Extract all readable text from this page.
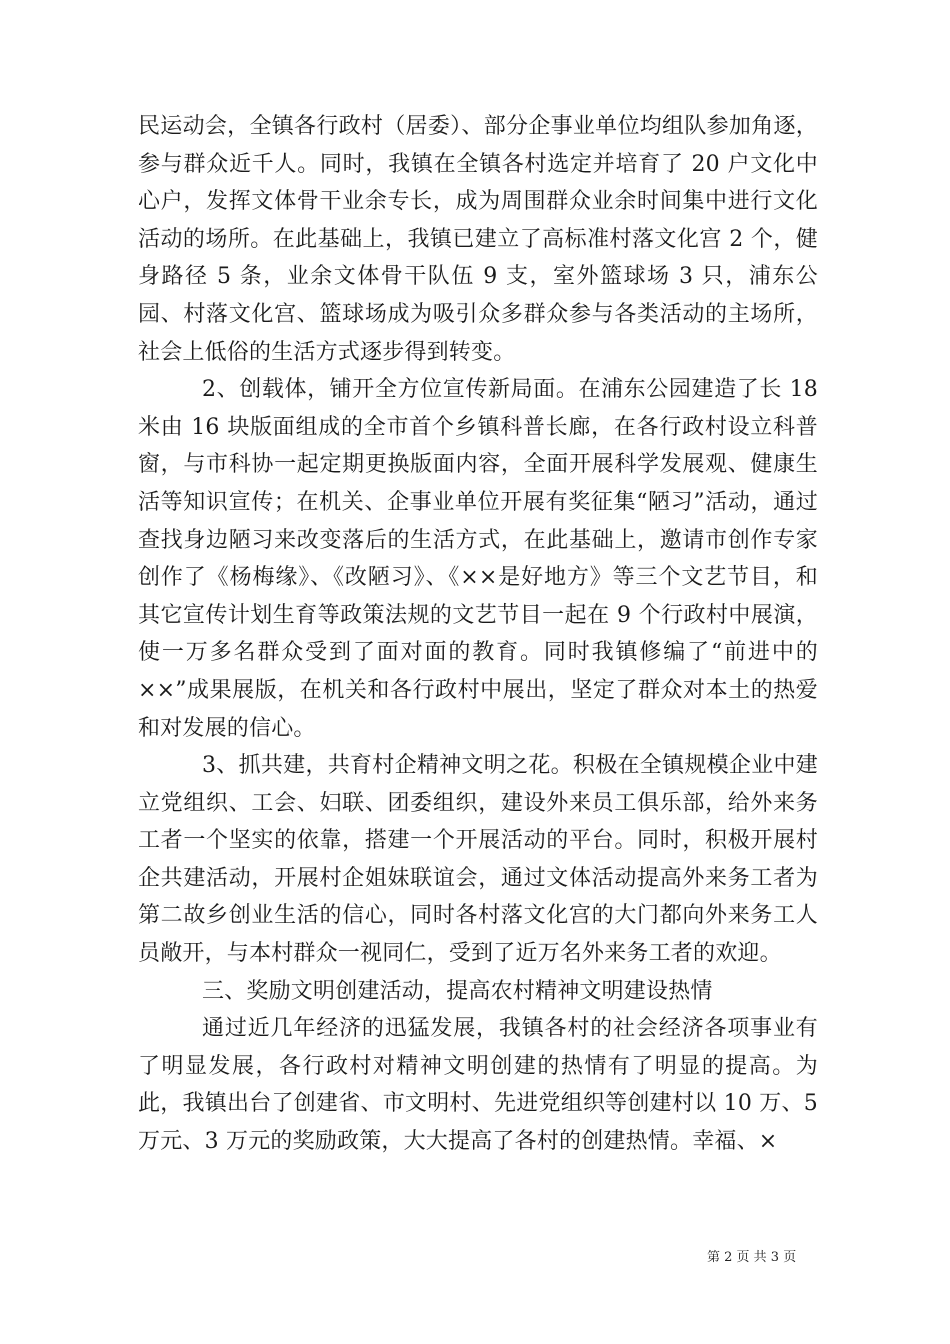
民运动会，全镇各行政村（居委）、部分企事业单位均组队参加角逐，参与群众近千人。同时，我镇在全镇各村选定并培育了 20 户文化中心户，发挥文体骨干业余专长，成为周围群众业余时间集中进行文化活动的场所。在此基础上，我镇已建立了高标准村落文化宫 2 个，健身路径 5 条，业余文体骨干队伍 9 支，室外篮球场 3 只，浦东公园、村落文化宫、篮球场成为吸引众多群众参与各类活动的主场所，社会上低俗的生活方式逐步得到转变。

2、创载体，铺开全方位宣传新局面。在浦东公园建造了长 18 米由 16 块版面组成的全市首个乡镇科普长廊，在各行政村设立科普窗，与市科协一起定期更换版面内容，全面开展科学发展观、健康生活等知识宣传；在机关、企事业单位开展有奖征集“陋习”活动，通过查找身边陋习来改变落后的生活方式，在此基础上，邀请市创作专家创作了《杨梅缘》、《改陋习》、《××是好地方》等三个文艺节目，和其它宣传计划生育等政策法规的文艺节目一起在 9 个行政村中展演，使一万多名群众受到了面对面的教育。同时我镇修编了“前进中的××”成果展版，在机关和各行政村中展出，坚定了群众对本土的热爱和对发展的信心。

3、抓共建，共育村企精神文明之花。积极在全镇规模企业中建立党组织、工会、妇联、团委组织，建设外来员工俱乐部，给外来务工者一个坚实的依靠，搭建一个开展活动的平台。同时，积极开展村企共建活动，开展村企姐妹联谊会，通过文体活动提高外来务工者为第二故乡创业生活的信心，同时各村落文化宫的大门都向外来务工人员敞开，与本村群众一视同仁，受到了近万名外来务工者的欢迎。

三、奖励文明创建活动，提高农村精神文明建设热情

通过近几年经济的迅猛发展，我镇各村的社会经济各项事业有了明显发展，各行政村对精神文明创建的热情有了明显的提高。为此，我镇出台了创建省、市文明村、先进党组织等创建村以 10 万、5 万元、3 万元的奖励政策，大大提高了各村的创建热情。幸福、×

第 2 页 共 3 页
